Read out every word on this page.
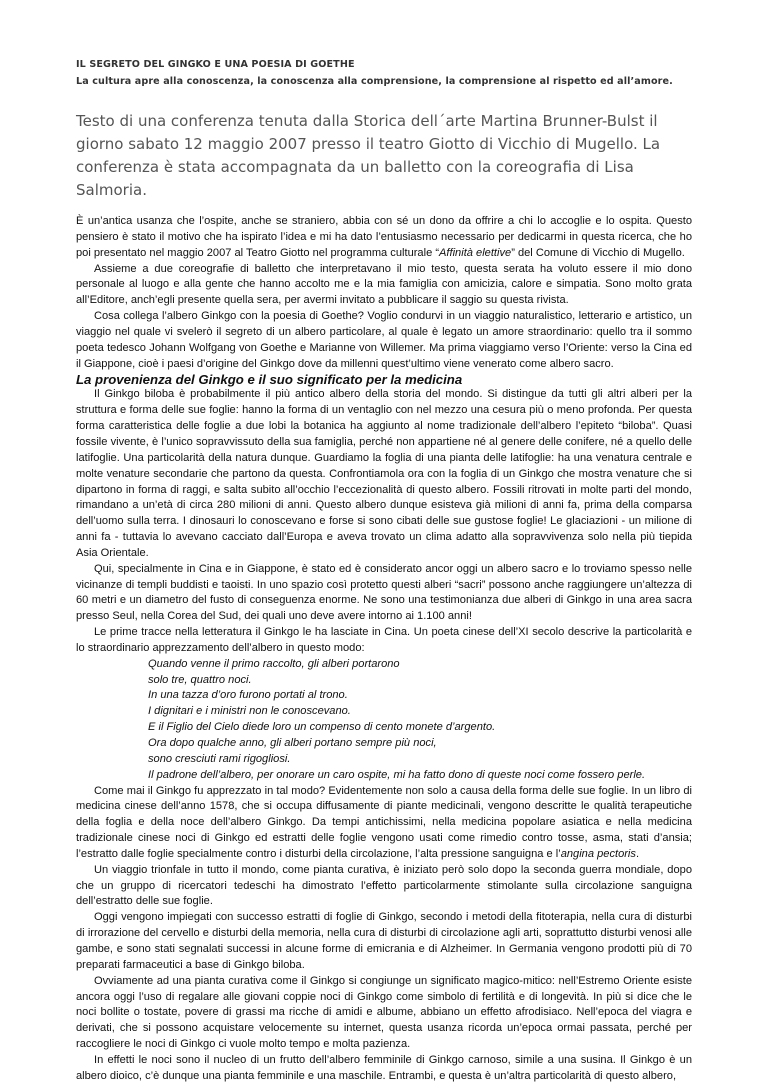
IL SEGRETO DEL GINGKO E UNA POESIA DI GOETHE
La cultura apre alla conoscenza, la conoscenza alla comprensione, la comprensione al rispetto ed all’amore.
Testo di una conferenza tenuta dalla Storica dell´arte Martina Brunner-Bulst il giorno sabato 12 maggio 2007 presso il teatro Giotto di Vicchio di Mugello. La conferenza è stata accompagnata da un balletto con la coreografia di Lisa Salmoria.

È un’antica usanza che l’ospite, anche se straniero, abbia con sé un dono da offrire a chi lo accoglie e lo ospita. Questo pensiero è stato il motivo che ha ispirato l’idea e mi ha dato l’entusiasmo necessario per dedicarmi in questa ricerca, che ho poi presentato nel maggio 2007 al Teatro Giotto nel programma culturale “Affinità elettive” del Comune di Vicchio di Mugello.

Assieme a due coreografie di balletto che interpretavano il mio testo, questa serata ha voluto essere il mio dono personale al luogo e alla gente che hanno accolto me e la mia famiglia con amicizia, calore e simpatia. Sono molto grata all’Editore, anch’egli presente quella sera, per avermi invitato a pubblicare il saggio su questa rivista.

Cosa collega l’albero Ginkgo con la poesia di Goethe? Voglio condurvi in un viaggio naturalistico, letterario e artistico, un viaggio nel quale vi svelerò il segreto di un albero particolare, al quale è legato un amore straordinario: quello tra il sommo poeta tedesco Johann Wolfgang von Goethe e Marianne von Willemer. Ma prima viaggiamo verso l’Oriente: verso la Cina ed il Giappone, cioè i paesi d’origine del Ginkgo dove da millenni quest’ultimo viene venerato come albero sacro.

La provenienza del Ginkgo e il suo significato per la medicina

Il Ginkgo biloba è probabilmente il più antico albero della storia del mondo. Si distingue da tutti gli altri alberi per la struttura e forma delle sue foglie: hanno la forma di un ventaglio con nel mezzo una cesura più o meno profonda. Per questa forma caratteristica delle foglie a due lobi la botanica ha aggiunto al nome tradizionale dell’albero l’epiteto “biloba”. Quasi fossile vivente, è l’unico sopravvissuto della sua famiglia, perché non appartiene né al genere delle conifere, né a quello delle latifoglie. Una particolarità della natura dunque. Guardiamo la foglia di una pianta delle latifoglie: ha una venatura centrale e molte venature secondarie che partono da questa. Confrontiamola ora con la foglia di un Ginkgo che mostra venature che si dipartono in forma di raggi, e salta subito all’occhio l’eccezionalità di questo albero. Fossili ritrovati in molte parti del mondo, rimandano a un’età di circa 280 milioni di anni. Questo albero dunque esisteva già milioni di anni fa, prima della comparsa dell’uomo sulla terra. I dinosauri lo conoscevano e forse si sono cibati delle sue gustose foglie! Le glaciazioni - un milione di anni fa - tuttavia lo avevano cacciato dall’Europa e aveva trovato un clima adatto alla sopravvivenza solo nella più tiepida Asia Orientale.

Qui, specialmente in Cina e in Giappone, è stato ed è considerato ancor oggi un albero sacro e lo troviamo spesso nelle vicinanze di templi buddisti e taoisti. In uno spazio così protetto questi alberi “sacri” possono anche raggiungere un’altezza di 60 metri e un diametro del fusto di conseguenza enorme. Ne sono una testimonianza due alberi di Ginkgo in una area sacra presso Seul, nella Corea del Sud, dei quali uno deve avere intorno ai 1.100 anni!

Le prime tracce nella letteratura il Ginkgo le ha lasciate in Cina. Un poeta cinese dell’XI secolo descrive la particolarità e lo straordinario apprezzamento dell’albero in questo modo:

Quando venne il primo raccolto, gli alberi portarono
solo tre, quattro noci.
In una tazza d’oro furono portati al trono.
I dignitari e i ministri non le conoscevano.
E il Figlio del Cielo diede loro un compenso di cento monete d’argento.
Ora dopo qualche anno, gli alberi portano sempre più noci,
sono cresciuti rami rigogliosi.
Il padrone dell’albero, per onorare un caro ospite, mi ha fatto dono di queste noci come fossero perle.

Come mai il Ginkgo fu apprezzato in tal modo? Evidentemente non solo a causa della forma delle sue foglie. In un libro di medicina cinese dell’anno 1578, che si occupa diffusamente di piante medicinali, vengono descritte le qualità terapeutiche della foglia e della noce dell’albero Ginkgo. Da tempi antichissimi, nella medicina popolare asiatica e nella medicina tradizionale cinese noci di Ginkgo ed estratti delle foglie vengono usati come rimedio contro tosse, asma, stati d’ansia; l’estratto dalle foglie specialmente contro i disturbi della circolazione, l’alta pressione sanguigna e l’angina pectoris.

Un viaggio trionfale in tutto il mondo, come pianta curativa, è iniziato però solo dopo la seconda guerra mondiale, dopo che un gruppo di ricercatori tedeschi ha dimostrato l’effetto particolarmente stimolante sulla circolazione sanguigna dell’estratto delle sue foglie.

Oggi vengono impiegati con successo estratti di foglie di Ginkgo, secondo i metodi della fitoterapia, nella cura di disturbi di irrorazione del cervello e disturbi della memoria, nella cura di disturbi di circolazione agli arti, soprattutto disturbi venosi alle gambe, e sono stati segnalati successi in alcune forme di emicrania e di Alzheimer. In Germania vengono prodotti più di 70 preparati farmaceutici a base di Ginkgo biloba.

Ovviamente ad una pianta curativa come il Ginkgo si congiunge un significato magico-mitico: nell’Estremo Oriente esiste ancora oggi l’uso di regalare alle giovani coppie noci di Ginkgo come simbolo di fertilità e di longevità. In più si dice che le noci bollite o tostate, povere di grassi ma ricche di amidi e albume, abbiano un effetto afrodisiaco. Nell’epoca del viagra e derivati, che si possono acquistare velocemente su internet, questa usanza ricorda un’epoca ormai passata, perché per raccogliere le noci di Ginkgo ci vuole molto tempo e molta pazienza.

In effetti le noci sono il nucleo di un frutto dell’albero femminile di Ginkgo carnoso, simile a una susina. Il Ginkgo è un albero dioico, c’è dunque una pianta femminile e una maschile. Entrambi, e questa è un’altra particolarità di questo albero,
